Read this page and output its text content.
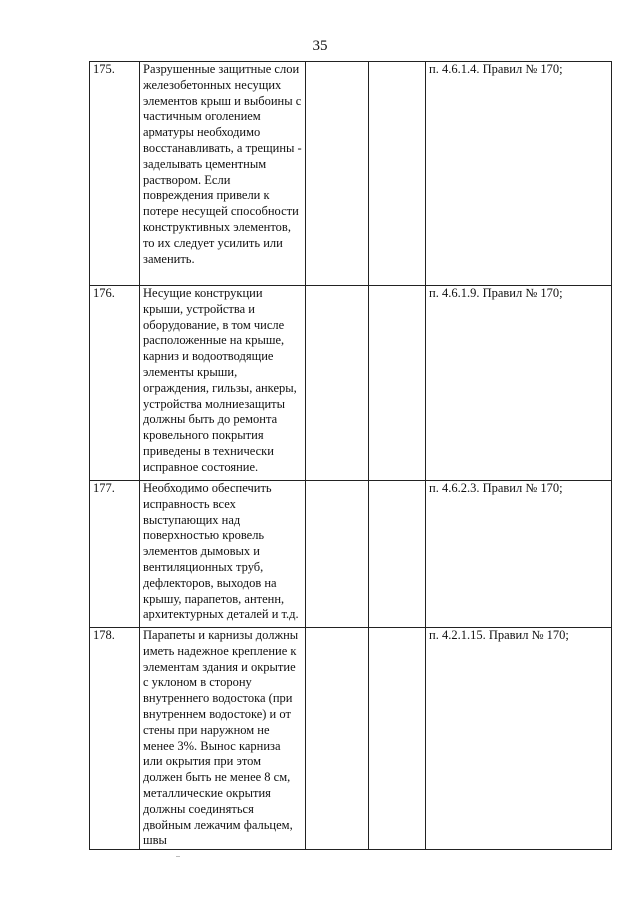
35
175.	Разрушенные защитные слои железобетонных несущих элементов крыш и выбоины с частичным оголением арматуры необходимо восстанавливать, а трещины - заделывать цементным раствором. Если повреждения привели к потере несущей способности конструктивных элементов, то их следует усилить или заменить.			п. 4.6.1.4. Правил № 170;
176.	Несущие конструкции крыши, устройства и оборудование, в том числе расположенные на крыше, карниз и водоотводящие элементы крыши, ограждения, гильзы, анкеры, устройства молниезащиты должны быть до ремонта кровельного покрытия приведены в технически исправное состояние.			п. 4.6.1.9. Правил № 170;
177.	Необходимо обеспечить исправность всех выступающих над поверхностью кровель элементов дымовых и вентиляционных труб, дефлекторов, выходов на крышу, парапетов, антенн, архитектурных деталей и т.д.			п. 4.6.2.3. Правил № 170;
178.	Парапеты и карнизы должны иметь надежное крепление к элементам здания и окрытие с уклоном в сторону внутреннего водостока (при внутреннем водостоке) и от стены при наружном не менее 3%. Вынос карниза или окрытия при этом должен быть не менее 8 см, металлические окрытия должны соединяться двойным лежачим фальцем, швы			п. 4.2.1.15. Правил № 170;
